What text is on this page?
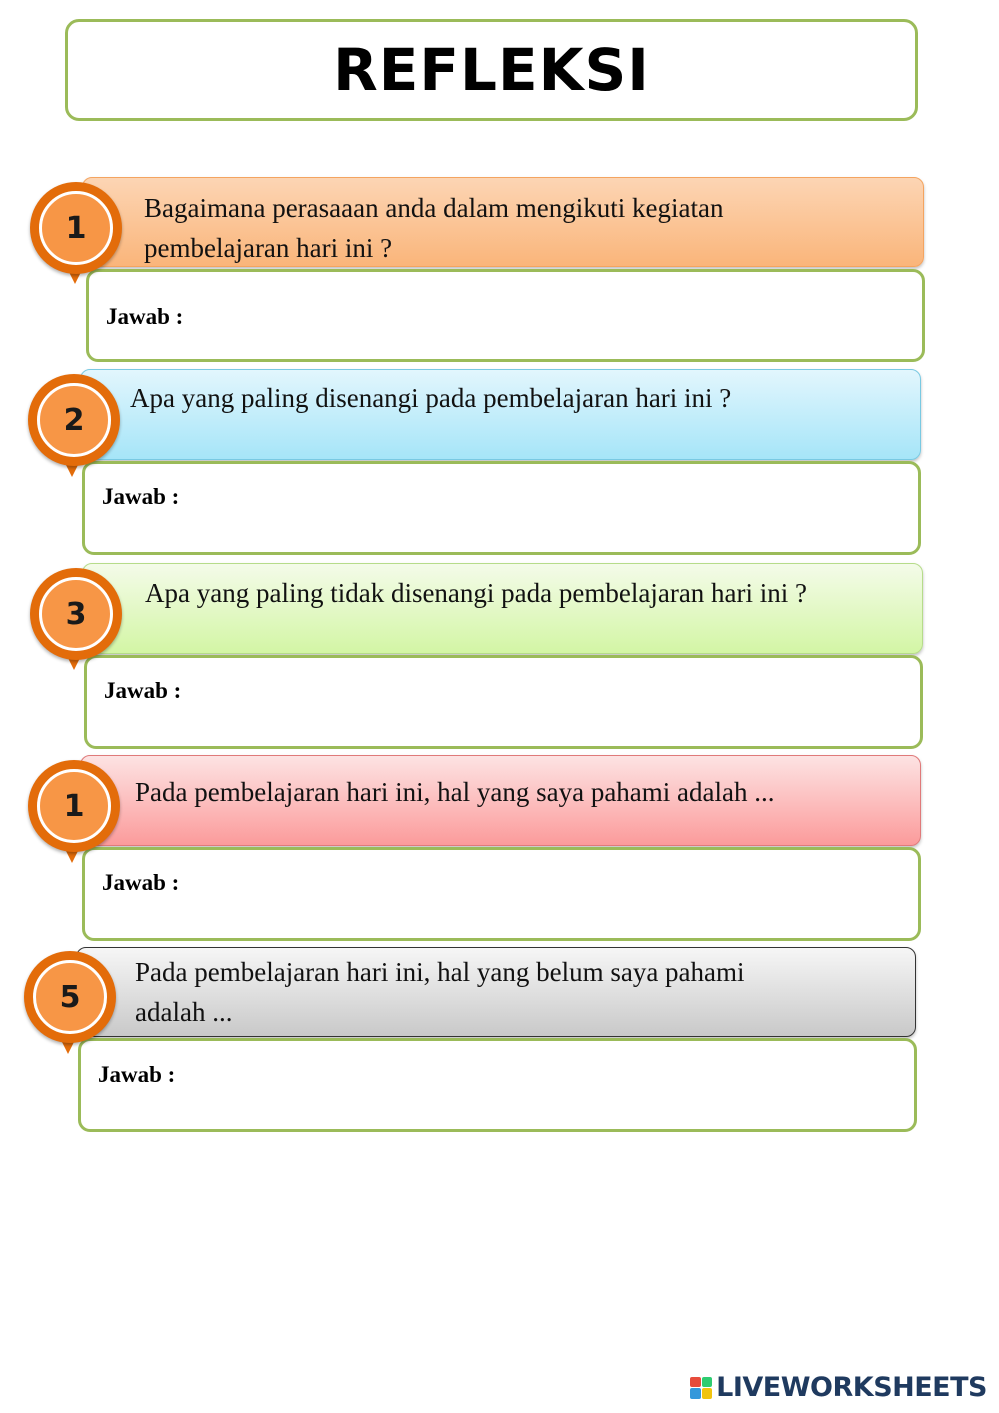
REFLEKSI
Bagaimana perasaaan anda dalam mengikuti kegiatan
pembelajaran hari ini ?
Jawab :
1
Apa yang paling disenangi pada pembelajaran hari ini ?
Jawab :
2
Apa yang paling tidak disenangi pada pembelajaran hari ini ?
Jawab :
3
Pada pembelajaran hari ini, hal yang saya pahami adalah ...
Jawab :
1
Pada pembelajaran hari ini, hal yang belum saya pahami
adalah ...
Jawab :
5
LIVEWORKSHEETS
